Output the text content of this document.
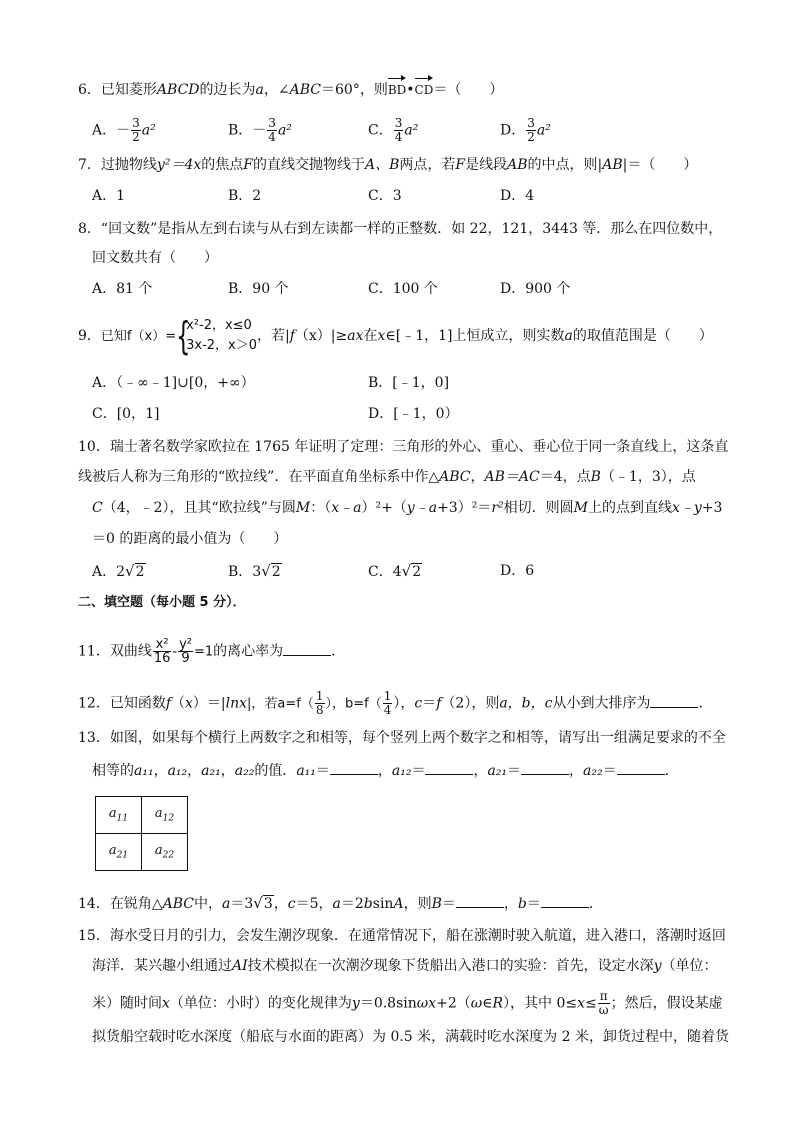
6．已知菱形ABCD的边长为a，∠ABC＝60°，则BD•CD＝（　　）
A．－ $\frac{3}{2} a^2$	B．－ $\frac{3}{4} a^2$	C． $\frac{3}{4} a^2$	D． $\frac{3}{2} a^2$
7．过抛物线y²＝4x的焦点F的直线交抛物线于A、B两点，若F是线段AB的中点，则|AB|＝（　　）
A．1	B．2	C．3	D．4
8．“回文数”是指从左到右读与从右到左读都一样的正整数．如 22，121，3443 等．那么在四位数中，
回文数共有（　　）
A．81 个	B．90 个	C．100 个	D．900 个
9．已知f（x）= {
x²-2，x≤0
3x-2，x＞0
，若|f（x）|≥ax在x∈[﹣1，1]上恒成立，则实数a的取值范围是（　　）
A．（﹣∞﹣1]∪[0，+∞）	B．[﹣1，0]
C．[0，1]	D．[﹣1，0）
10．瑞士著名数学家欧拉在 1765 年证明了定理：三角形的外心、重心、垂心位于同一条直线上，这条直
线被后人称为三角形的“欧拉线”．在平面直角坐标系中作△ABC，AB＝AC＝4，点B（﹣1，3），点
C（4，﹣2），且其“欧拉线”与圆M：（x﹣a）²+（y﹣a+3）²＝r²相切．则圆M上的点到直线x﹣y+3
＝0 的距离的最小值为（　　）
A．2√2	B．3√2	C．4√2	D．6
二、填空题（每小题 5 分）．
11．双曲线 $\frac{\text{x²}}{16} - \frac{\text{y²}}{9} =1$的离心率为	．
12．已知函数f（x）＝|lnx|，若$a=f( \frac{1}{8}$ ），$b=f( \frac{1}{4}$ ），c＝f（2），则a，b，c从小到大排序为	．
13．如图，如果每个横行上两数字之和相等，每个竖列上两个数字之和相等，请写出一组满足要求的不全
相等的a₁₁，a₁₂，a₂₁，a₂₂的值．a₁₁＝	，a₁₂＝	，a₂₁＝	，a₂₂＝	．
$a_{11}$	$a_{12}$
$a_{21}$	$a_{22}$
14．在锐角△ABC中，a＝3√3，c＝5，a＝2bsinA，则B＝	，b＝	．
15．海水受日月的引力，会发生潮汐现象．在通常情况下，船在涨潮时驶入航道，进入港口，落潮时返回
海洋．某兴趣小组通过AI技术模拟在一次潮汐现象下货船出入港口的实验：首先，设定水深y（单位：
米）随时间x（单位：小时）的变化规律为y＝0.8sinωx+2（ω∈R），其中 $0\le x\le \frac{\pi}{\omega}$ ；然后，假设某虚
拟货船空载时吃水深度（船底与水面的距离）为 0.5 米，满载时吃水深度为 2 米，卸货过程中，随着货
